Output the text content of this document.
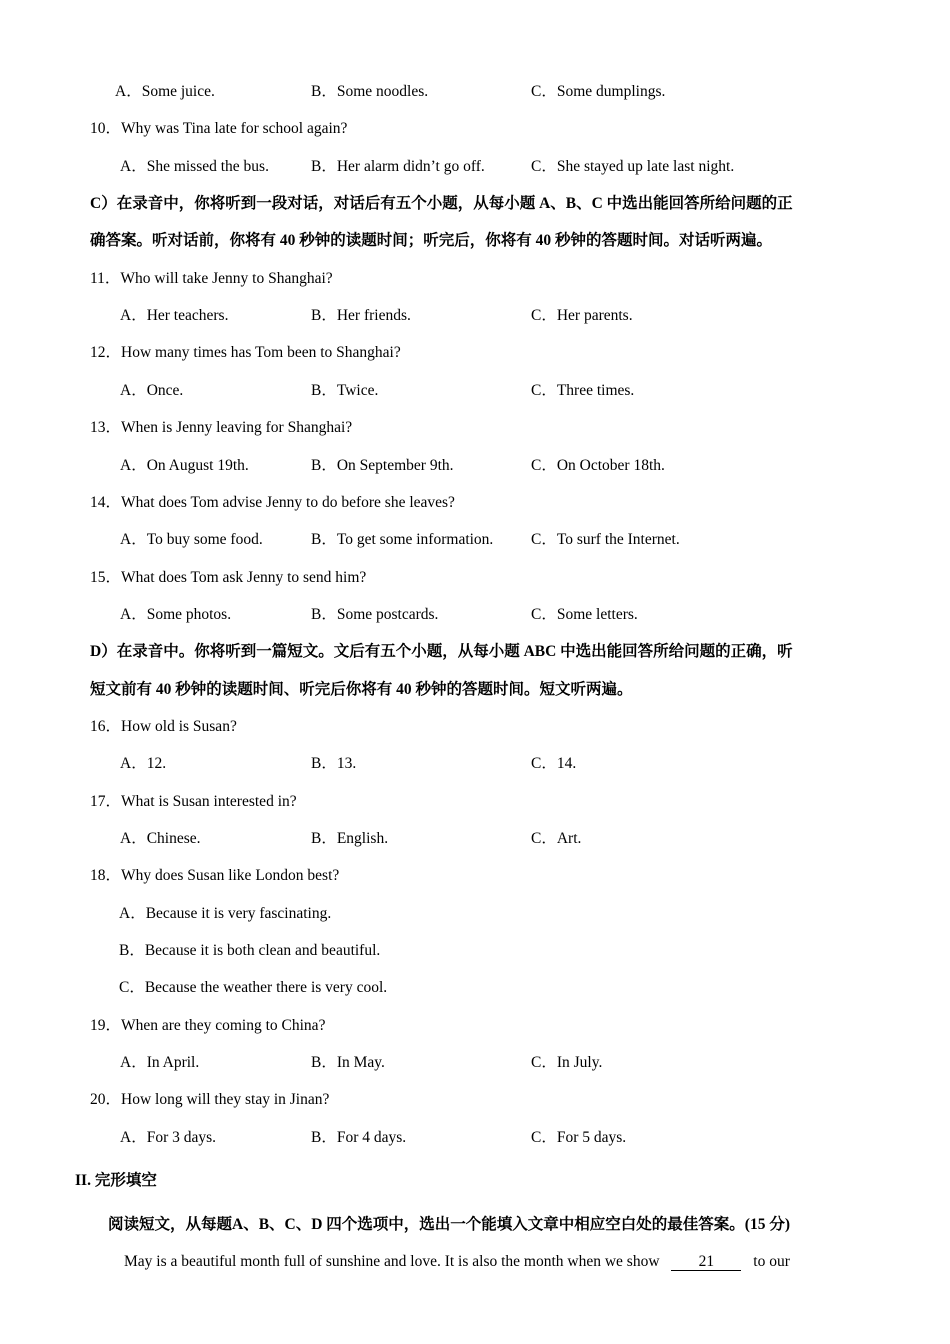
A．Some juice.	B．Some noodles.	C．Some dumplings.
10．Why was Tina late for school again?
A．She missed the bus.	B．Her alarm didn’t go off.	C．She stayed up late last night.
C）在录音中，你将听到一段对话，对话后有五个小题，从每小题 A、B、C 中选出能回答所给问题的正
确答案。听对话前，你将有 40 秒钟的读题时间；听完后，你将有 40 秒钟的答题时间。对话听两遍。
11．Who will take Jenny to Shanghai?
A．Her teachers.	B．Her friends.	C．Her parents.
12．How many times has Tom been to Shanghai?
A．Once.	B．Twice.	C．Three times.
13．When is Jenny leaving for Shanghai?
A．On August 19th.	B．On September 9th.	C．On October 18th.
14．What does Tom advise Jenny to do before she leaves?
A．To buy some food.	B．To get some information. C．To surf the Internet.
15．What does Tom ask Jenny to send him?
A．Some photos.	B．Some postcards.	C．Some letters.
D）在录音中。你将听到一篇短文。文后有五个小题，从每小题 ABC 中选出能回答所给问题的正确，听
短文前有 40 秒钟的读题时间、听完后你将有 40 秒钟的答题时间。短文听两遍。
16．How old is Susan?
A．12.	B．13.	C．14.
17．What is Susan interested in?
A．Chinese.	B．English.	C．Art.
18．Why does Susan like London best?
A．Because it is very fascinating.
B．Because it is both clean and beautiful.
C．Because the weather there is very cool.
19．When are they coming to China?
A．In April.	B．In May.	C．In July.
20．How long will they stay in Jinan?
A．For 3 days.	B．For 4 days.	C．For 5 days.
II. 完形填空
阅读短文，从每题A、B、C、D 四个选项中，选出一个能填入文章中相应空白处的最佳答案。(15 分)
May is a beautiful month full of sunshine and love. It is also the month when we show	21	to our
